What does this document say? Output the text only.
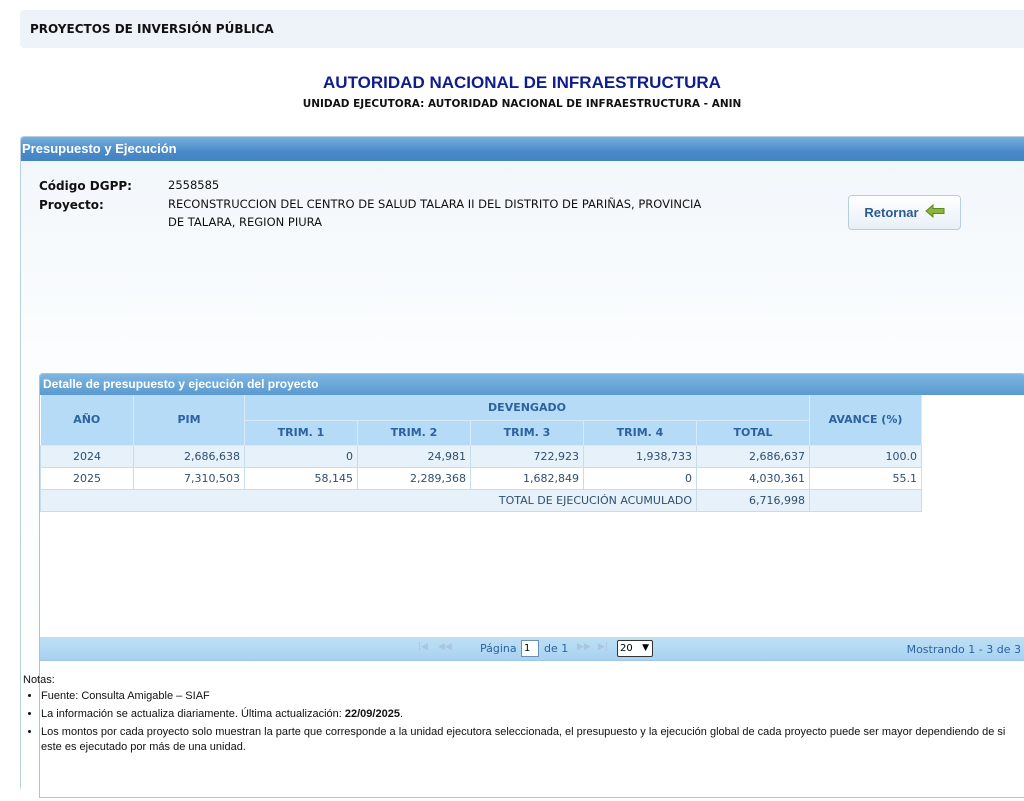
PROYECTOS DE INVERSIÓN PÚBLICA
AUTORIDAD NACIONAL DE INFRAESTRUCTURA
UNIDAD EJECUTORA: AUTORIDAD NACIONAL DE INFRAESTRUCTURA - ANIN
Presupuesto y Ejecución
Código DGPP:	2558585
Proyecto:	RECONSTRUCCION DEL CENTRO DE SALUD TALARA II DEL DISTRITO DE PARIÑAS, PROVINCIA
DE TALARA, REGION PIURA
Retornar
Detalle de presupuesto y ejecución del proyecto
AÑO	PIM	DEVENGADO					AVANCE (%)
		TRIM. 1	TRIM. 2	TRIM. 3	TRIM. 4	TOTAL	
2024	2,686,638	0	24,981	722,923	1,938,733	2,686,637	100.0
2025	7,310,503	58,145	2,289,368	1,682,849	0	4,030,361	55.1
TOTAL DE EJECUCIÓN ACUMULADO						6,716,998	
|◀ ◀◀	Página
1 de 1 ▶▶ ▶|	20 ▼	Mostrando 1 - 3 de 3
Notas:
• Fuente: Consulta Amigable – SIAF
• La información se actualiza diariamente. Última actualización: 22/09/2025.
• Los montos por cada proyecto solo muestran la parte que corresponde a la unidad ejecutora seleccionada, el presupuesto y la ejecución global de cada proyecto puede ser mayor dependiendo de si este es ejecutado por más de una unidad.
